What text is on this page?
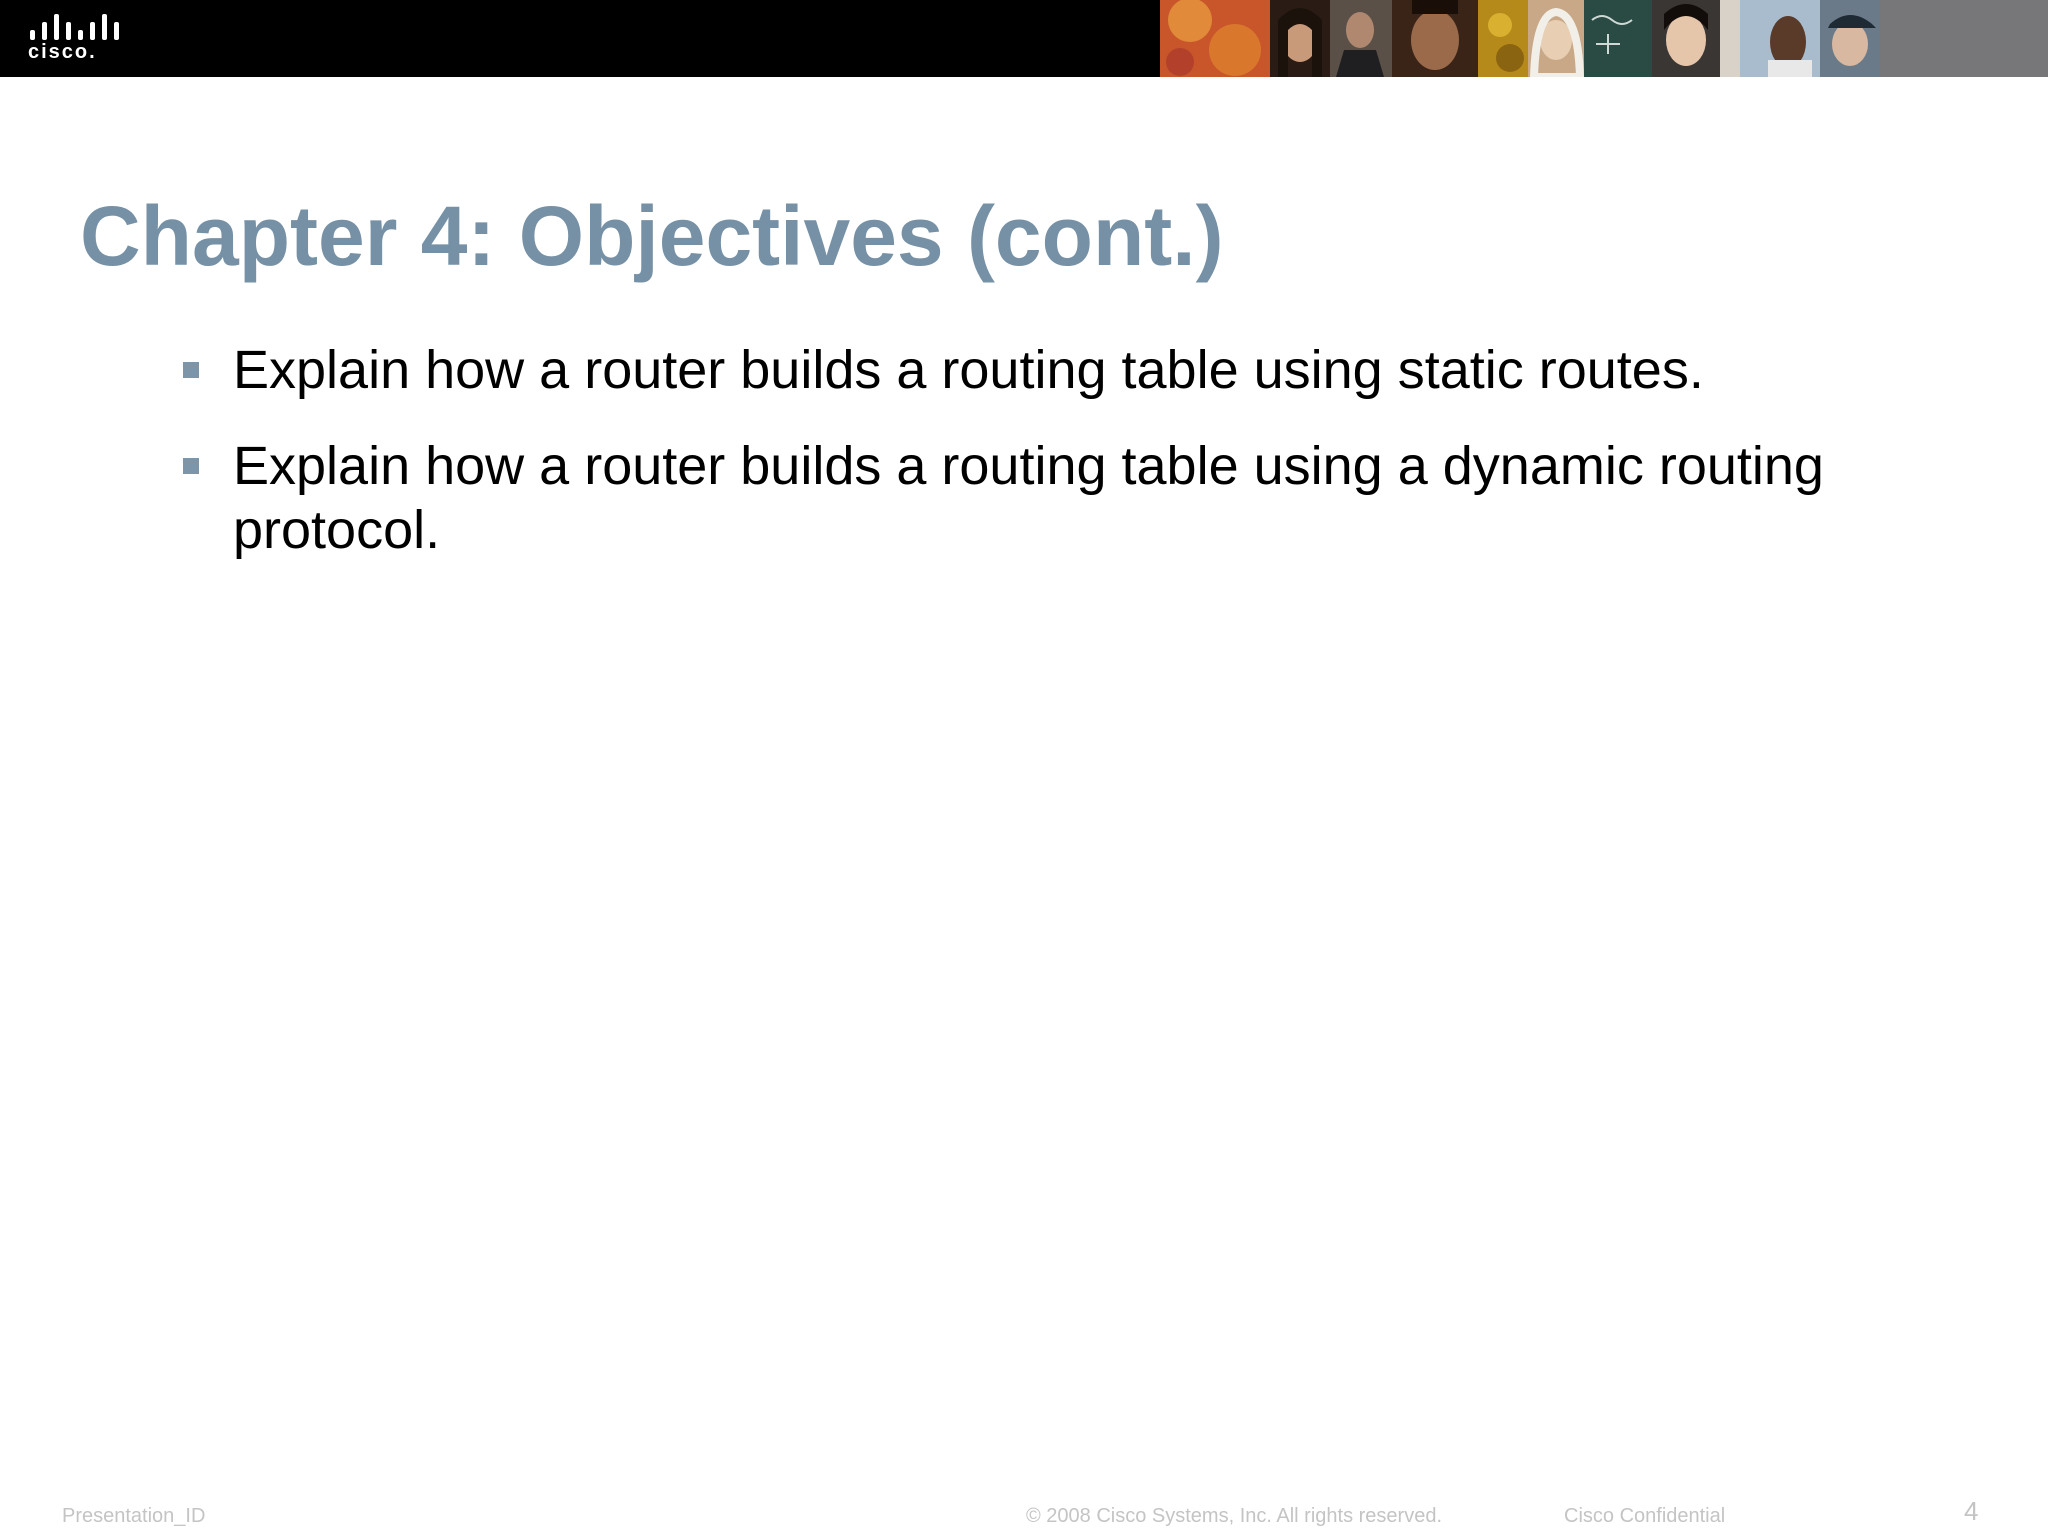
cisco.
Chapter 4: Objectives (cont.)
Explain how a router builds a routing table using static routes.
Explain how a router builds a routing table using a dynamic routing protocol.
Presentation_ID	© 2008 Cisco Systems, Inc. All rights reserved.	Cisco Confidential	4
